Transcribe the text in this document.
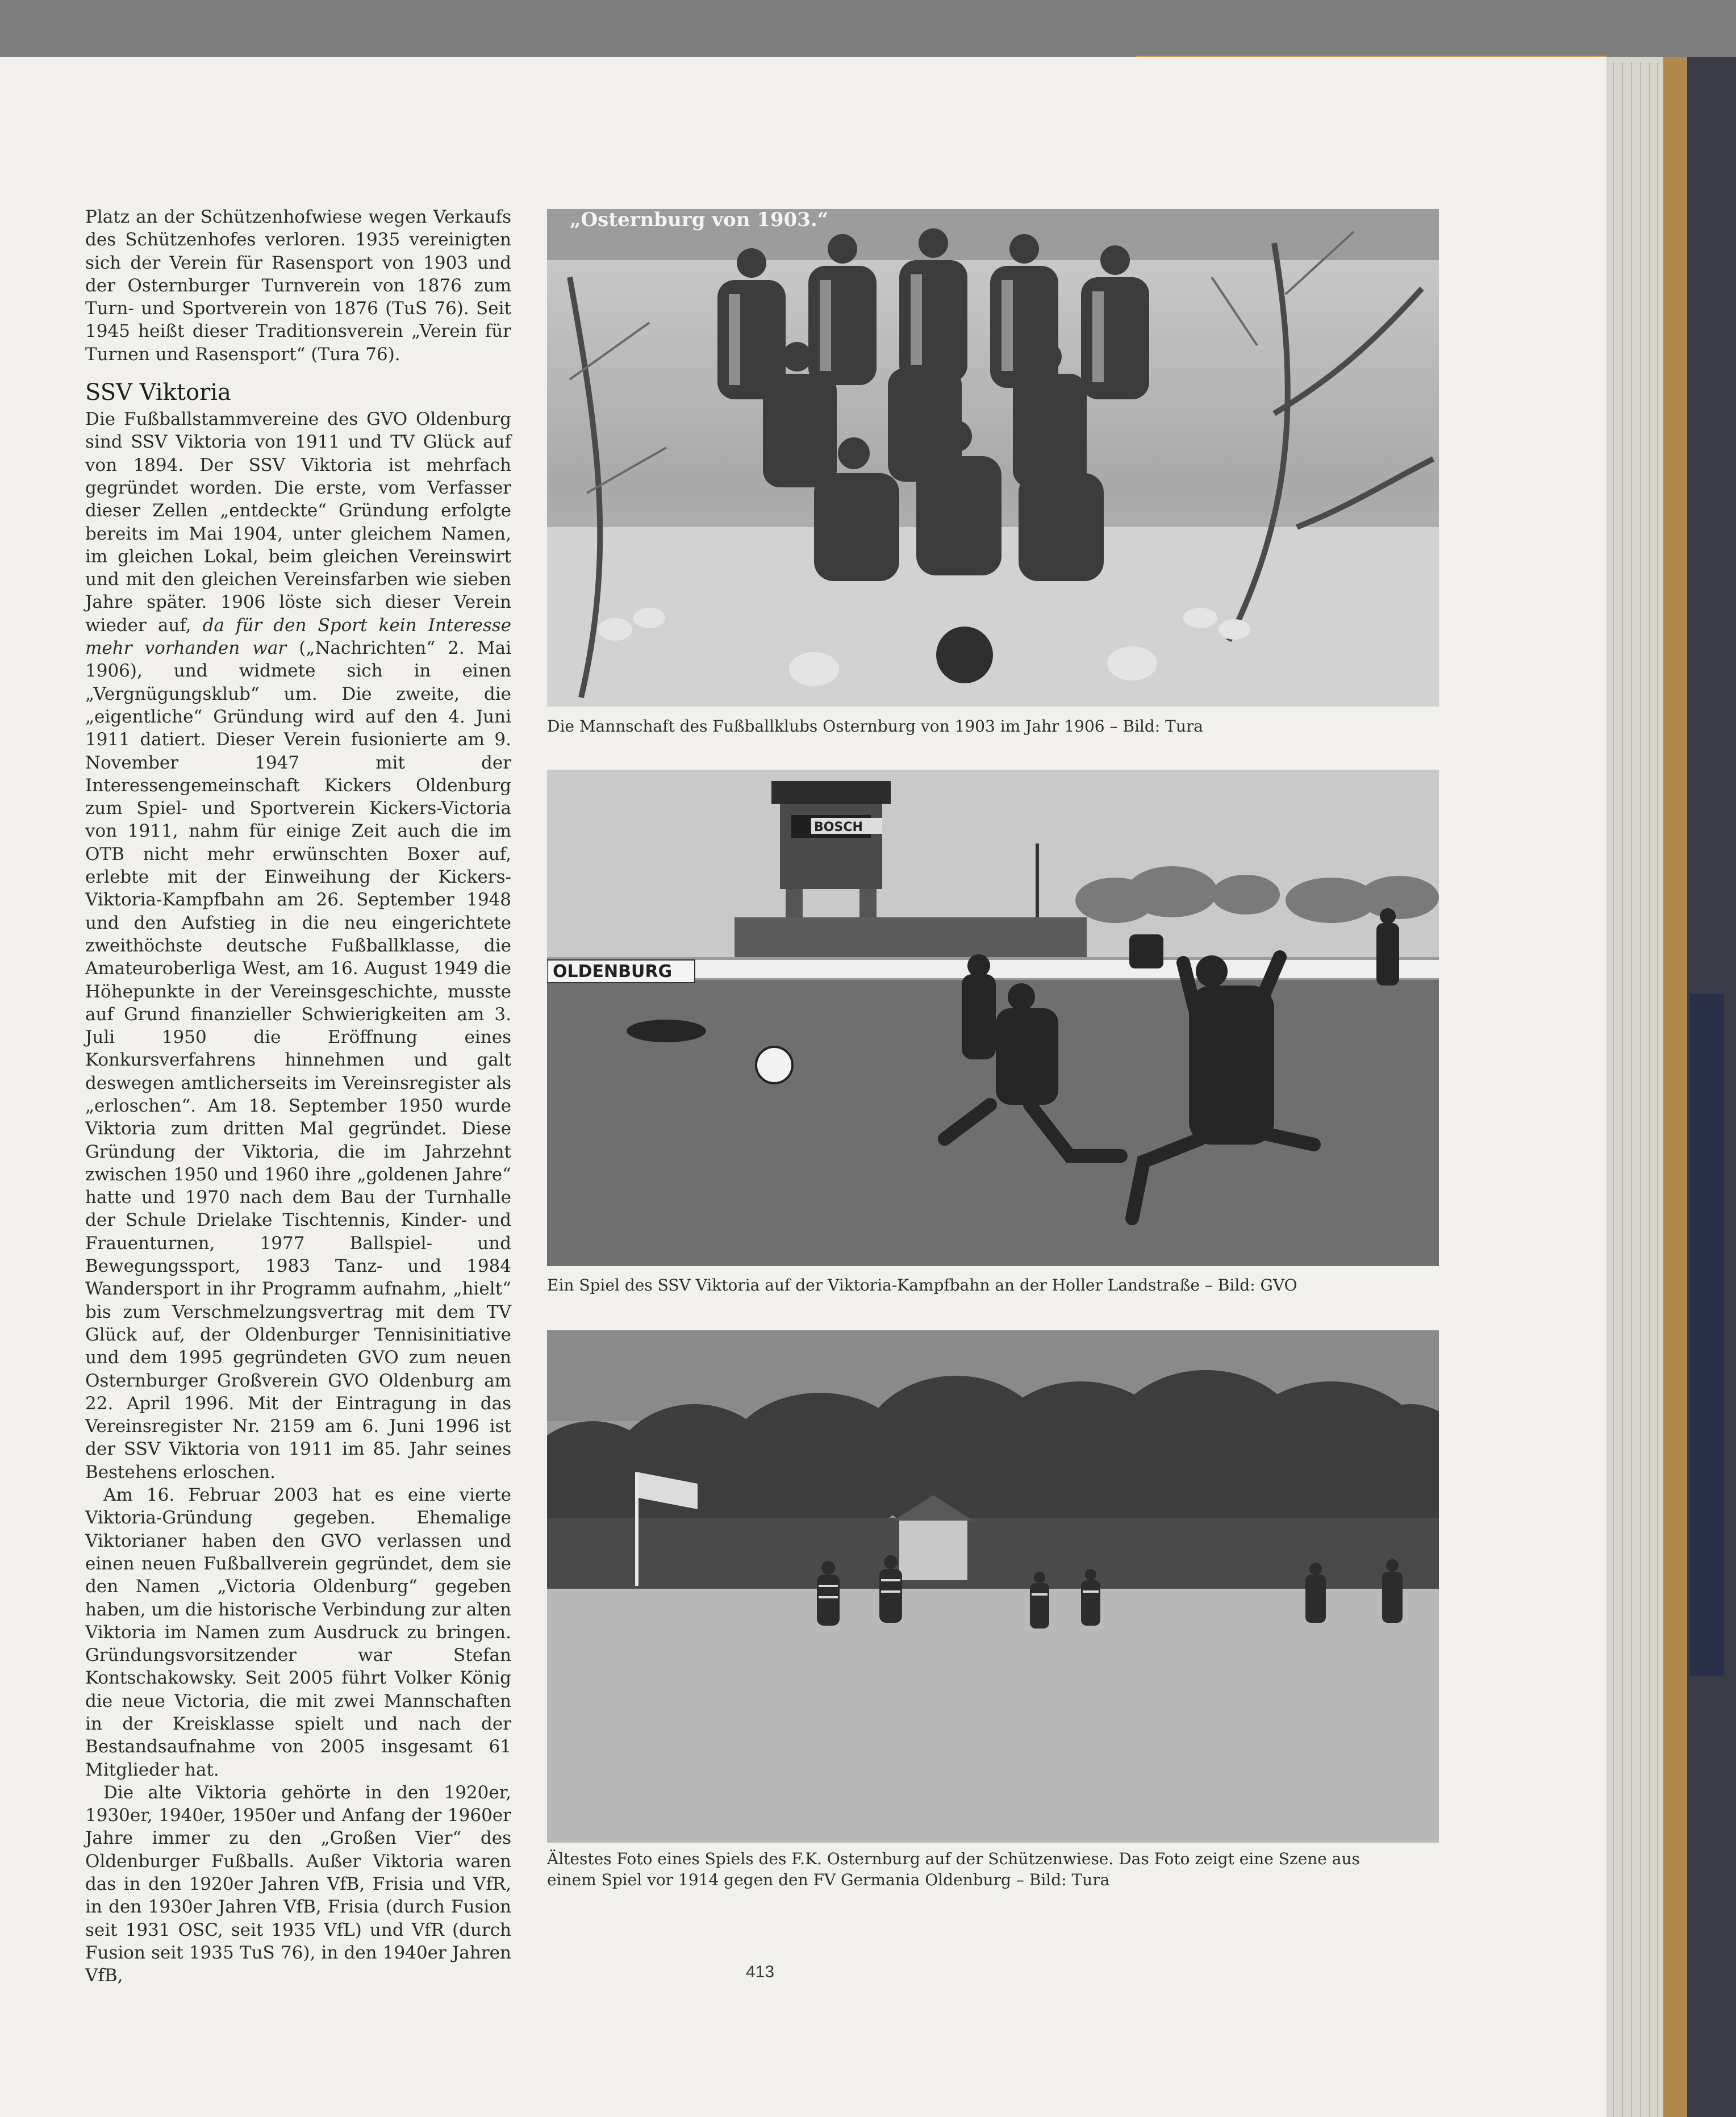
Platz an der Schützenhofwiese wegen Verkaufs des Schützenhofes verloren. 1935 vereinigten sich der Verein für Rasensport von 1903 und der Osternburger Turnverein von 1876 zum Turn- und Sportverein von 1876 (TuS 76). Seit 1945 heißt dieser Traditionsverein „Verein für Turnen und Rasensport“ (Tura 76).

SSV Viktoria

Die Fußballstammvereine des GVO Oldenburg sind SSV Viktoria von 1911 und TV Glück auf von 1894. Der SSV Viktoria ist mehrfach gegründet worden. Die erste, vom Verfasser dieser Zellen „entdeckte“ Gründung erfolgte bereits im Mai 1904, unter gleichem Namen, im gleichen Lokal, beim gleichen Vereinswirt und mit den gleichen Vereinsfarben wie sieben Jahre später. 1906 löste sich dieser Verein wieder auf, da für den Sport kein Interesse mehr vorhanden war („Nachrichten“ 2. Mai 1906), und widmete sich in einen „Vergnügungsklub“ um. Die zweite, die „eigentliche“ Gründung wird auf den 4. Juni 1911 datiert. Dieser Verein fusionierte am 9. November 1947 mit der Interessengemeinschaft Kickers Oldenburg zum Spiel- und Sportverein Kickers-Victoria von 1911, nahm für einige Zeit auch die im OTB nicht mehr erwünschten Boxer auf, erlebte mit der Einweihung der Kickers-Viktoria-Kampfbahn am 26. September 1948 und den Aufstieg in die neu eingerichtete zweithöchste deutsche Fußballklasse, die Amateuroberliga West, am 16. August 1949 die Höhepunkte in der Vereinsgeschichte, musste auf Grund finanzieller Schwierigkeiten am 3. Juli 1950 die Eröffnung eines Konkursverfahrens hinnehmen und galt deswegen amtlicherseits im Vereinsregister als „erloschen“. Am 18. September 1950 wurde Viktoria zum dritten Mal gegründet. Diese Gründung der Viktoria, die im Jahrzehnt zwischen 1950 und 1960 ihre „goldenen Jahre“ hatte und 1970 nach dem Bau der Turnhalle der Schule Drielake Tischtennis, Kinder- und Frauenturnen, 1977 Ballspiel- und Bewegungssport, 1983 Tanz- und 1984 Wandersport in ihr Programm aufnahm, „hielt“ bis zum Verschmelzungsvertrag mit dem TV Glück auf, der Oldenburger Tennisinitiative und dem 1995 gegründeten GVO zum neuen Osternburger Großverein GVO Oldenburg am 22. April 1996. Mit der Eintragung in das Vereinsregister Nr. 2159 am 6. Juni 1996 ist der SSV Viktoria von 1911 im 85. Jahr seines Bestehens erloschen.

Am 16. Februar 2003 hat es eine vierte Viktoria-Gründung gegeben. Ehemalige Viktorianer haben den GVO verlassen und einen neuen Fußballverein gegründet, dem sie den Namen „Victoria Oldenburg“ gegeben haben, um die historische Verbindung zur alten Viktoria im Namen zum Ausdruck zu bringen. Gründungsvorsitzender war Stefan Kontschakowsky. Seit 2005 führt Volker König die neue Victoria, die mit zwei Mannschaften in der Kreisklasse spielt und nach der Bestandsaufnahme von 2005 insgesamt 61 Mitglieder hat.

Die alte Viktoria gehörte in den 1920er, 1930er, 1940er, 1950er und Anfang der 1960er Jahre immer zu den „Großen Vier“ des Oldenburger Fußballs. Außer Viktoria waren das in den 1920er Jahren VfB, Frisia und VfR, in den 1930er Jahren VfB, Frisia (durch Fusion seit 1931 OSC, seit 1935 VfL) und VfR (durch Fusion seit 1935 TuS 76), in den 1940er Jahren VfB,

„Osternburg von 1903.“
Die Mannschaft des Fußballklubs Osternburg von 1903 im Jahr 1906 – Bild: Tura
BOSCH
OLDENBURG
Ein Spiel des SSV Viktoria auf der Viktoria-Kampfbahn an der Holler Landstraße – Bild: GVO
Ältestes Foto eines Spiels des F.K. Osternburg auf der Schützenwiese. Das Foto zeigt eine Szene aus
einem Spiel vor 1914 gegen den FV Germania Oldenburg – Bild: Tura
413
